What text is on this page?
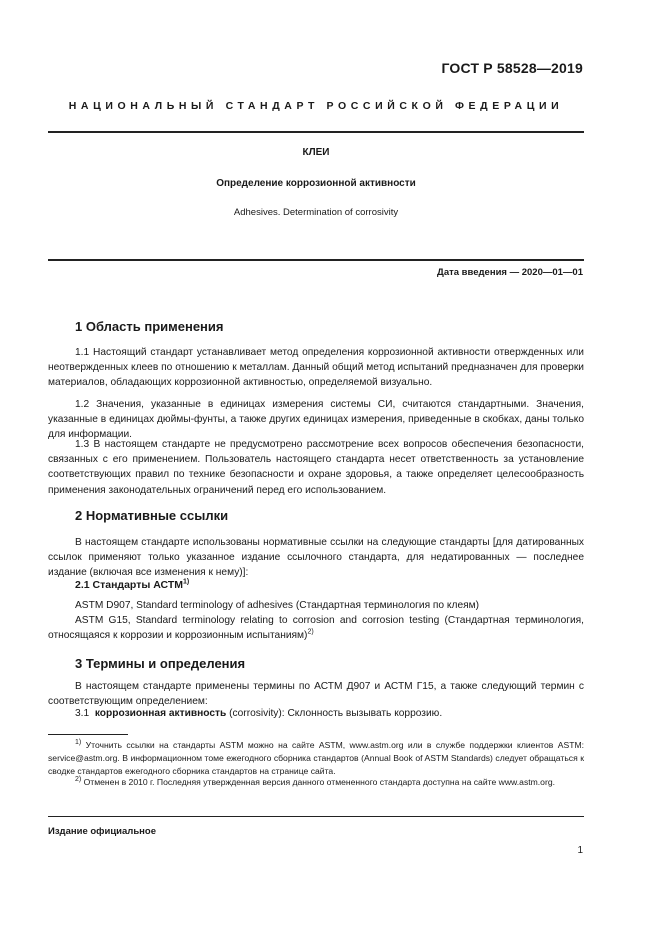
ГОСТ Р 58528—2019
НАЦИОНАЛЬНЫЙ СТАНДАРТ РОССИЙСКОЙ ФЕДЕРАЦИИ
КЛЕИ
Определение коррозионной активности
Adhesives. Determination of corrosivity
Дата введения — 2020—01—01
1 Область применения

1.1 Настоящий стандарт устанавливает метод определения коррозионной активности отвержденных или неотвержденных клеев по отношению к металлам. Данный общий метод испытаний предназначен для проверки материалов, обладающих коррозионной активностью, определяемой визуально.

1.2 Значения, указанные в единицах измерения системы СИ, считаются стандартными. Значения, указанные в единицах дюймы-фунты, а также других единицах измерения, приведенные в скобках, даны только для информации.

1.3 В настоящем стандарте не предусмотрено рассмотрение всех вопросов обеспечения безопасности, связанных с его применением. Пользователь настоящего стандарта несет ответственность за установление соответствующих правил по технике безопасности и охране здоровья, а также определяет целесообразность применения законодательных ограничений перед его использованием.

2 Нормативные ссылки

В настоящем стандарте использованы нормативные ссылки на следующие стандарты [для датированных ссылок применяют только указанное издание ссылочного стандарта, для недатированных — последнее издание (включая все изменения к нему)]:

2.1 Стандарты АСТМ$^{1)}$

ASTM D907, Standard terminology of adhesives (Стандартная терминология по клеям)

ASTM G15, Standard terminology relating to corrosion and corrosion testing (Стандартная терминология, относящаяся к коррозии и коррозионным испытаниям)$^{2)}$

3 Термины и определения

В настоящем стандарте применены термины по АСТМ Д907 и АСТМ Г15, а также следующий термин с соответствующим определением:

3.1 коррозионная активность (corrosivity): Склонность вызывать коррозию.

$^{1)}$ Уточнить ссылки на стандарты ASTM можно на сайте ASTM, www.astm.org или в службе поддержки клиентов ASTM: service@astm.org. В информационном томе ежегодного сборника стандартов (Annual Book of ASTM Standards) следует обращаться к сводке стандартов ежегодного сборника стандартов на странице сайта.

$^{2)}$ Отменен в 2010 г. Последняя утвержденная версия данного отмененного стандарта доступна на сайте www.astm.org.

Издание официальное
1
